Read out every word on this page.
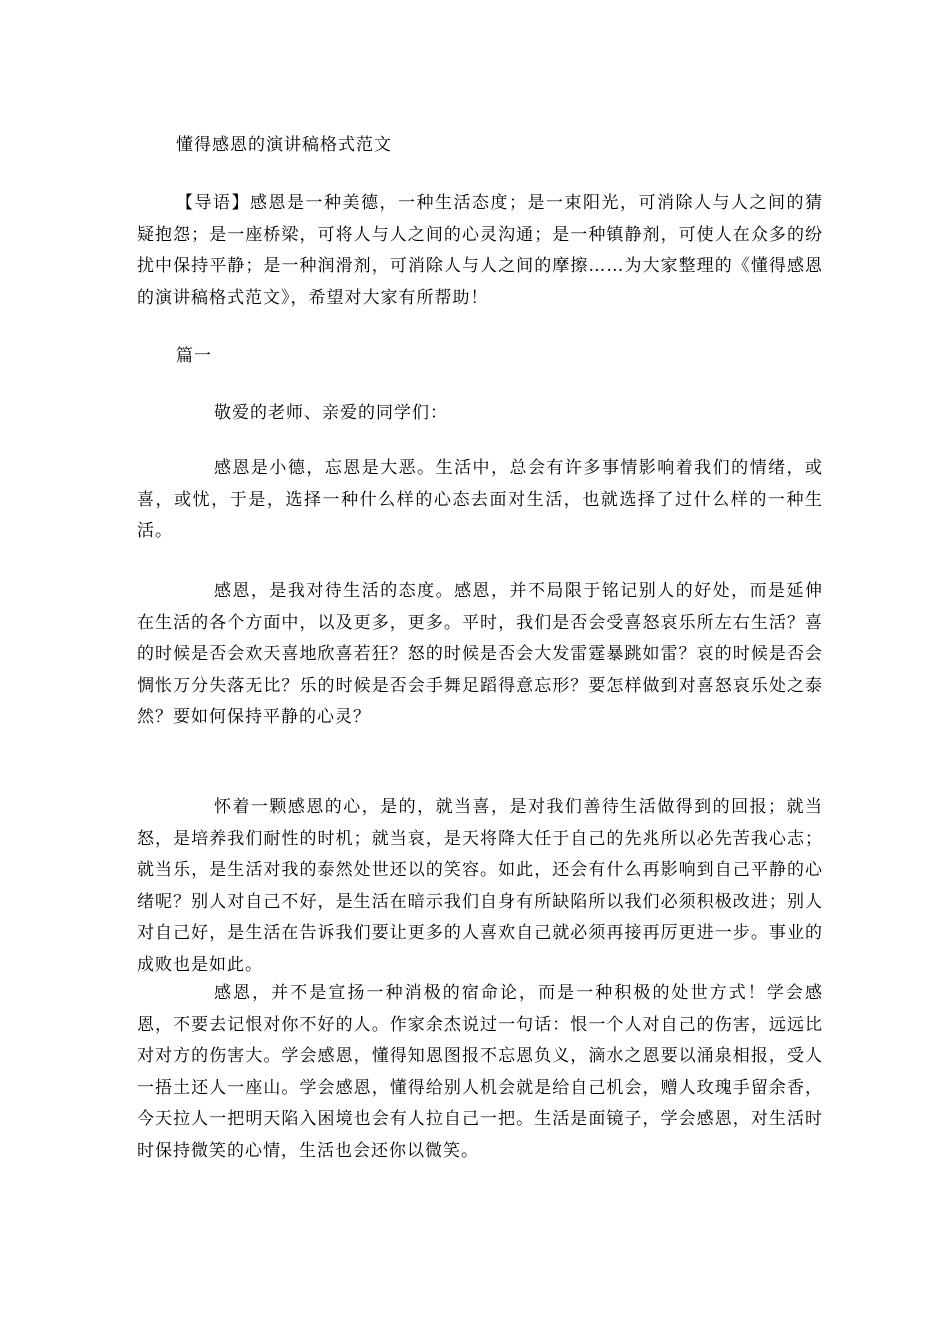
懂得感恩的演讲稿格式范文
【导语】感恩是一种美德，一种生活态度；是一束阳光，可消除人与人之间的猜疑抱怨；是一座桥梁，可将人与人之间的心灵沟通；是一种镇静剂，可使人在众多的纷扰中保持平静；是一种润滑剂，可消除人与人之间的摩擦……为大家整理的《懂得感恩的演讲稿格式范文》，希望对大家有所帮助！
篇一
敬爱的老师、亲爱的同学们：
感恩是小德，忘恩是大恶。生活中，总会有许多事情影响着我们的情绪，或喜，或忧，于是，选择一种什么样的心态去面对生活，也就选择了过什么样的一种生活。
感恩，是我对待生活的态度。感恩，并不局限于铭记别人的好处，而是延伸在生活的各个方面中，以及更多，更多。平时，我们是否会受喜怒哀乐所左右生活？喜的时候是否会欢天喜地欣喜若狂？怒的时候是否会大发雷霆暴跳如雷？哀的时候是否会惆怅万分失落无比？乐的时候是否会手舞足蹈得意忘形？要怎样做到对喜怒哀乐处之泰然？要如何保持平静的心灵？
怀着一颗感恩的心，是的，就当喜，是对我们善待生活做得到的回报；就当怒，是培养我们耐性的时机；就当哀，是天将降大任于自己的先兆所以必先苦我心志；就当乐，是生活对我的泰然处世还以的笑容。如此，还会有什么再影响到自己平静的心绪呢？别人对自己不好，是生活在暗示我们自身有所缺陷所以我们必须积极改进；别人对自己好，是生活在告诉我们要让更多的人喜欢自己就必须再接再厉更进一步。事业的成败也是如此。
感恩，并不是宣扬一种消极的宿命论，而是一种积极的处世方式！学会感恩，不要去记恨对你不好的人。作家余杰说过一句话：恨一个人对自己的伤害，远远比对对方的伤害大。学会感恩，懂得知恩图报不忘恩负义，滴水之恩要以涌泉相报，受人一捂土还人一座山。学会感恩，懂得给别人机会就是给自己机会，赠人玫瑰手留余香，今天拉人一把明天陷入困境也会有人拉自己一把。生活是面镜子，学会感恩，对生活时时保持微笑的心情，生活也会还你以微笑。
